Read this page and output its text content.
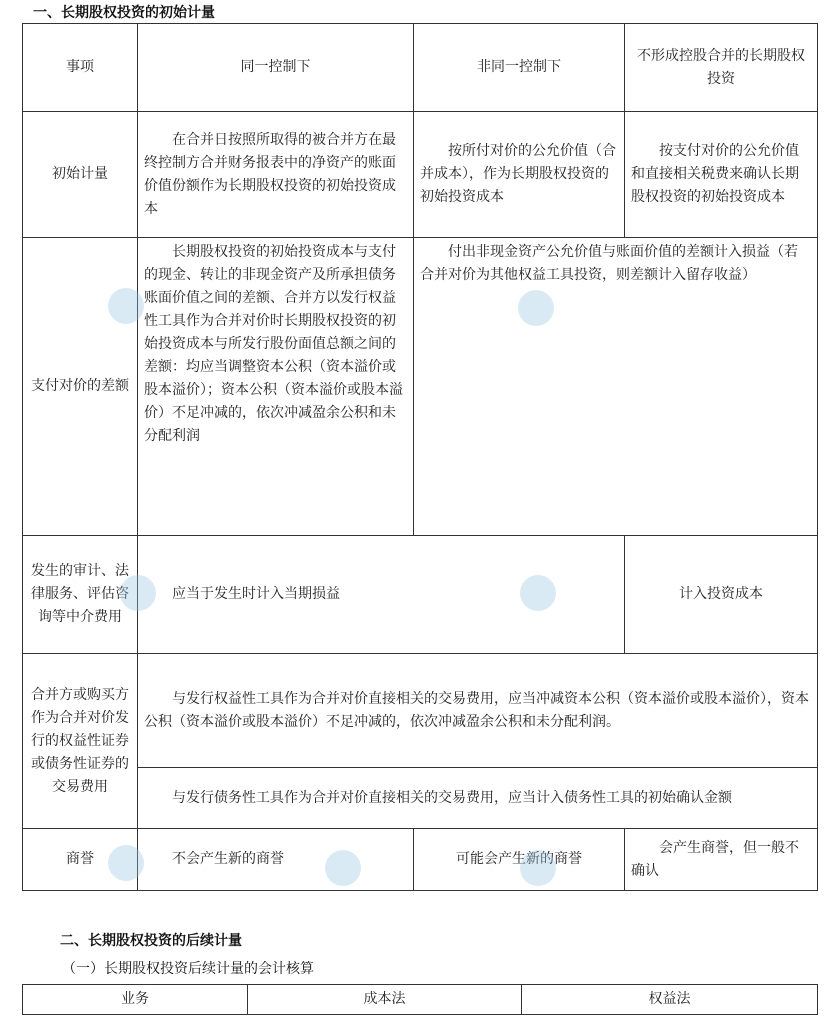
一、长期股权投资的初始计量
事项	同一控制下	非同一控制下	不形成控股合并的长期股权投资
初始计量	在合并日按照所取得的被合并方在最终控制方合并财务报表中的净资产的账面价值份额作为长期股权投资的初始投资成本	按所付对价的公允价值（合并成本），作为长期股权投资的初始投资成本	按支付对价的公允价值和直接相关税费来确认长期股权投资的初始投资成本
支付对价的差额	长期股权投资的初始投资成本与支付的现金、转让的非现金资产及所承担债务账面价值之间的差额、合并方以发行权益性工具作为合并对价时长期股权投资的初始投资成本与所发行股份面值总额之间的差额：均应当调整资本公积（资本溢价或股本溢价）；资本公积（资本溢价或股本溢价）不足冲减的，依次冲减盈余公积和未分配利润	付出非现金资产公允价值与账面价值的差额计入损益（若合并对价为其他权益工具投资，则差额计入留存收益）	
发生的审计、法律服务、评估咨询等中介费用	应当于发生时计入当期损益		计入投资成本
合并方或购买方作为合并对价发行的权益性证券或债务性证券的交易费用	与发行权益性工具作为合并对价直接相关的交易费用，应当冲减资本公积（资本溢价或股本溢价），资本公积（资本溢价或股本溢价）不足冲减的，依次冲减盈余公积和未分配利润。		
	与发行债务性工具作为合并对价直接相关的交易费用，应当计入债务性工具的初始确认金额		
商誉	不会产生新的商誉	可能会产生新的商誉	会产生商誉，但一般不确认
二、长期股权投资的后续计量
（一）长期股权投资后续计量的会计核算
业务	成本法	权益法
